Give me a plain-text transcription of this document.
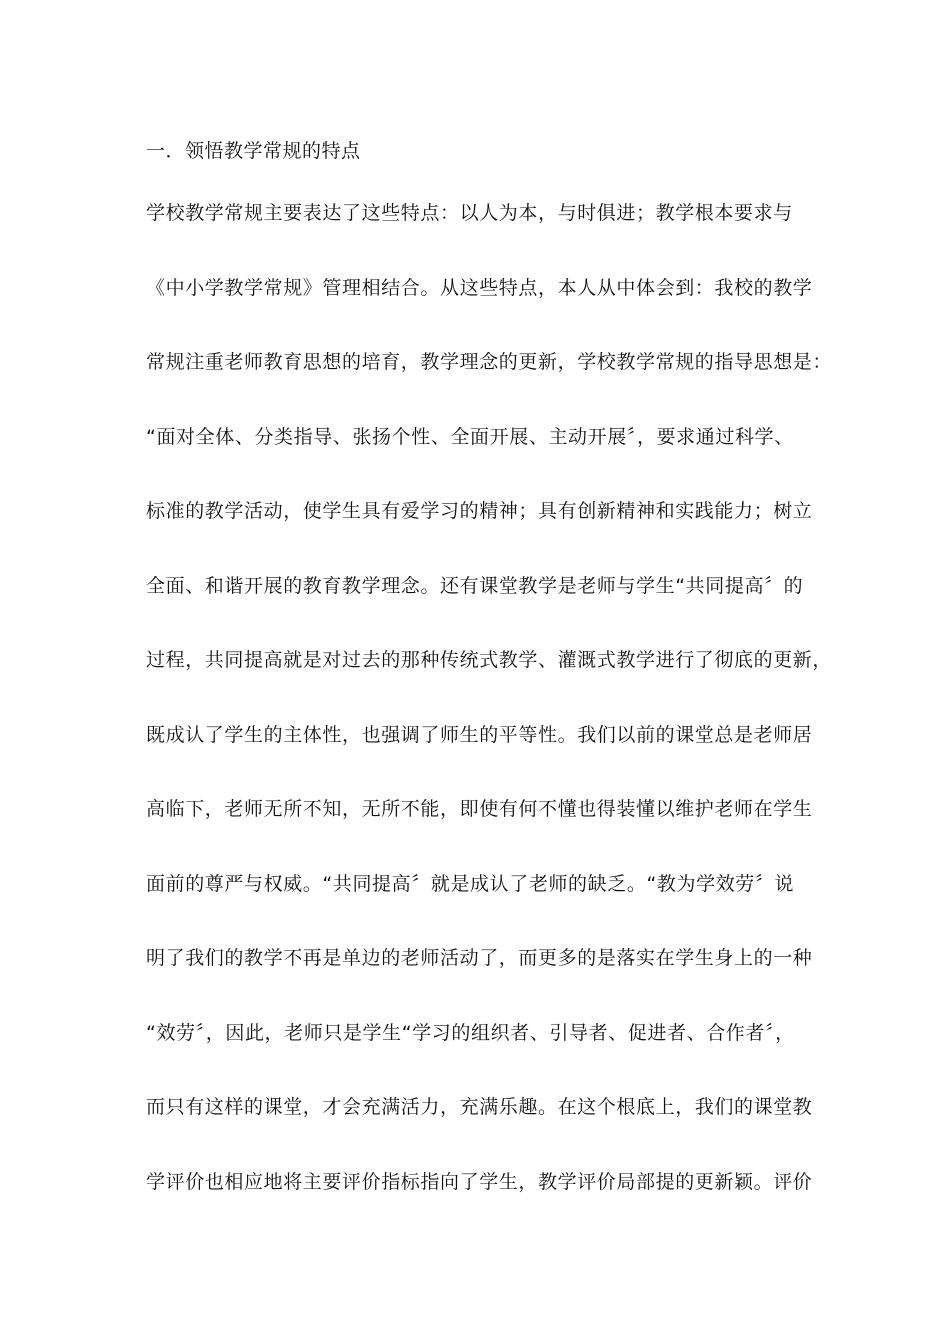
一．领悟教学常规的特点
学校教学常规主要表达了这些特点：以人为本，与时俱进；教学根本要求与
《中小学教学常规》管理相结合。从这些特点，本人从中体会到：我校的教学
常规注重老师教育思想的培育，教学理念的更新，学校教学常规的指导思想是：
“面对全体、分类指导、张扬个性、全面开展、主动开展〞，要求通过科学、
标准的教学活动，使学生具有爱学习的精神；具有创新精神和实践能力；树立
全面、和谐开展的教育教学理念。还有课堂教学是老师与学生“共同提高〞的
过程，共同提高就是对过去的那种传统式教学、灌溉式教学进行了彻底的更新，
既成认了学生的主体性，也强调了师生的平等性。我们以前的课堂总是老师居
高临下，老师无所不知，无所不能，即使有何不懂也得装懂以维护老师在学生
面前的尊严与权威。“共同提高〞就是成认了老师的缺乏。“教为学效劳〞说
明了我们的教学不再是单边的老师活动了，而更多的是落实在学生身上的一种
“效劳〞，因此，老师只是学生“学习的组织者、引导者、促进者、合作者〞，
而只有这样的课堂，才会充满活力，充满乐趣。在这个根底上，我们的课堂教
学评价也相应地将主要评价指标指向了学生，教学评价局部提的更新颖。评价
